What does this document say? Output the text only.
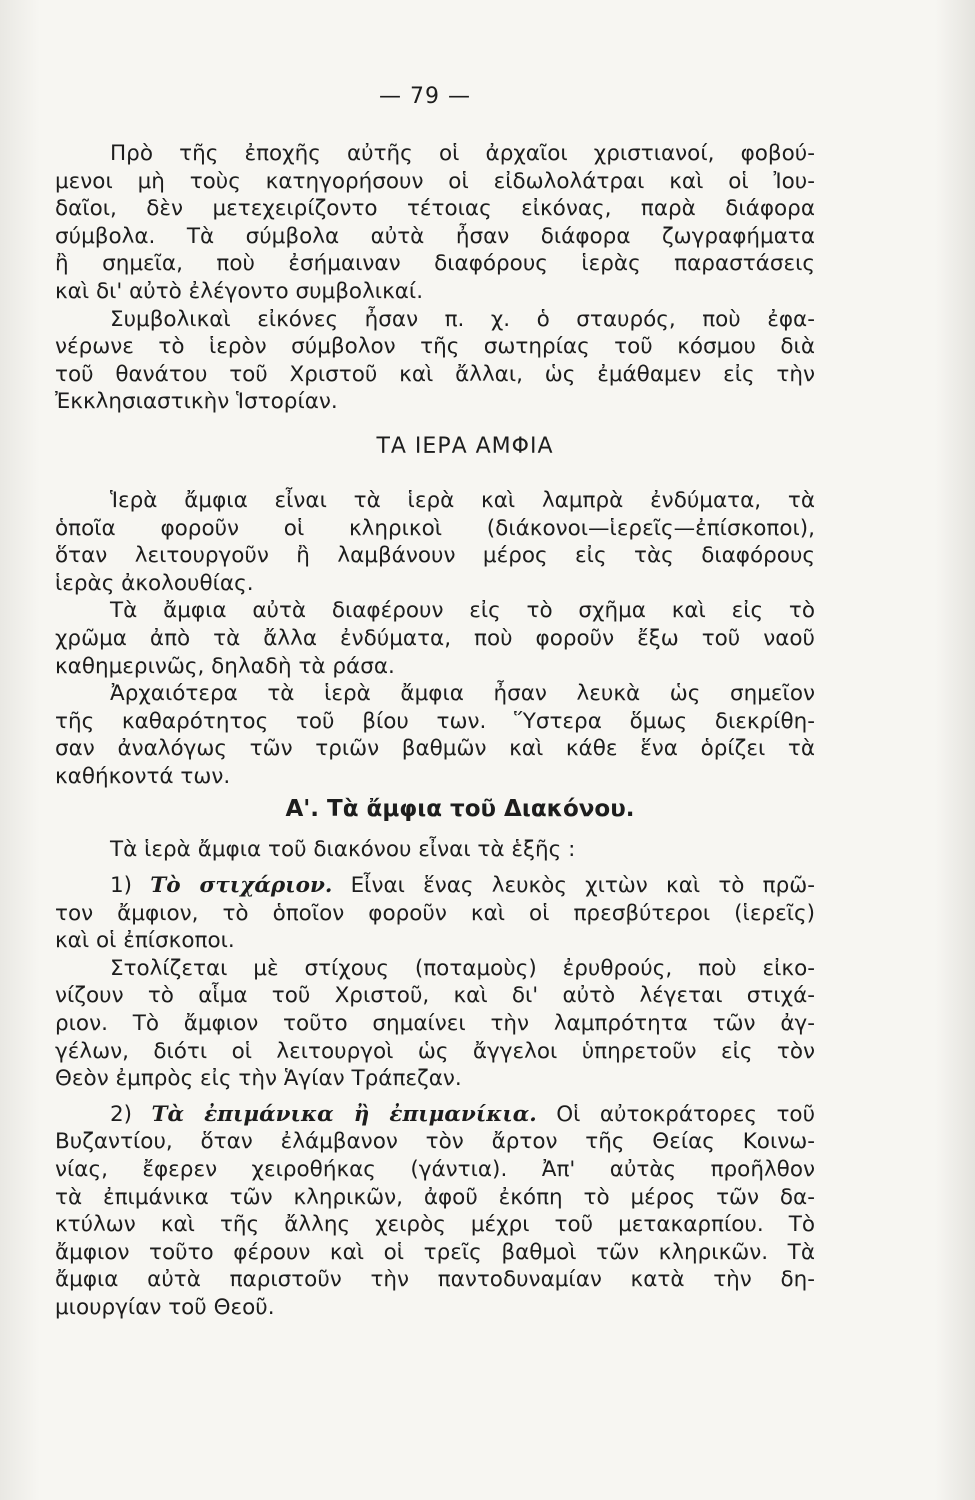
— 79 —
Πρὸ τῆς ἐποχῆς αὐτῆς οἱ ἀρχαῖοι χριστιανοί, φοβού-
μενοι μὴ τοὺς κατηγορήσουν οἱ εἰδωλολάτραι καὶ οἱ Ἰου-
δαῖοι, δὲν μετεχειρίζοντο τέτοιας εἰκόνας, παρὰ διάφορα
σύμβολα. Τὰ σύμβολα αὐτὰ ἦσαν διάφορα ζωγραφήματα
ἢ σημεῖα, ποὺ ἐσήμαιναν διαφόρους ἱερὰς παραστάσεις
καὶ δι' αὐτὸ ἐλέγοντο συμβολικαί.
Συμβολικαὶ εἰκόνες ἦσαν π. χ. ὁ σταυρός, ποὺ ἐφα-
νέρωνε τὸ ἱερὸν σύμβολον τῆς σωτηρίας τοῦ κόσμου διὰ
τοῦ θανάτου τοῦ Χριστοῦ καὶ ἄλλαι, ὡς ἐμάθαμεν εἰς τὴν
Ἐκκλησιαστικὴν Ἱστορίαν.
ΤΑ ΙΕΡΑ ΑΜΦΙΑ
Ἱερὰ ἄμφια εἶναι τὰ ἱερὰ καὶ λαμπρὰ ἐνδύματα, τὰ
ὁποῖα φοροῦν οἱ κληρικοὶ (διάκονοι—ἱερεῖς—ἐπίσκοποι),
ὅταν λειτουργοῦν ἢ λαμβάνουν μέρος εἰς τὰς διαφόρους
ἱερὰς ἀκολουθίας.
Τὰ ἄμφια αὐτὰ διαφέρουν εἰς τὸ σχῆμα καὶ εἰς τὸ
χρῶμα ἀπὸ τὰ ἄλλα ἐνδύματα, ποὺ φοροῦν ἔξω τοῦ ναοῦ
καθημερινῶς, δηλαδὴ τὰ ράσα.
Ἀρχαιότερα τὰ ἱερὰ ἄμφια ἦσαν λευκὰ ὡς σημεῖον
τῆς καθαρότητος τοῦ βίου των. Ὕστερα ὅμως διεκρίθη-
σαν ἀναλόγως τῶν τριῶν βαθμῶν καὶ κάθε ἕνα ὁρίζει τὰ
καθήκοντά των.
Α'. Τὰ ἄμφια τοῦ Διακόνου.
Τὰ ἱερὰ ἄμφια τοῦ διακόνου εἶναι τὰ ἑξῆς :
1) Τὸ στιχάριον. Εἶναι ἕνας λευκὸς χιτὼν καὶ τὸ πρῶ-
τον ἄμφιον, τὸ ὁποῖον φοροῦν καὶ οἱ πρεσβύτεροι (ἱερεῖς)
καὶ οἱ ἐπίσκοποι.
Στολίζεται μὲ στίχους (ποταμοὺς) ἐρυθρούς, ποὺ εἰκο-
νίζουν τὸ αἷμα τοῦ Χριστοῦ, καὶ δι' αὐτὸ λέγεται στιχά-
ριον. Τὸ ἄμφιον τοῦτο σημαίνει τὴν λαμπρότητα τῶν ἀγ-
γέλων, διότι οἱ λειτουργοὶ ὡς ἄγγελοι ὑπηρετοῦν εἰς τὸν
Θεὸν ἐμπρὸς εἰς τὴν Ἁγίαν Τράπεζαν.
2) Τὰ ἐπιμάνικα ἢ ἐπιμανίκια. Οἱ αὐτοκράτορες τοῦ
Βυζαντίου, ὅταν ἐλάμβανον τὸν ἄρτον τῆς Θείας Κοινω-
νίας, ἔφερεν χειροθήκας (γάντια). Ἀπ' αὐτὰς προῆλθον
τὰ ἐπιμάνικα τῶν κληρικῶν, ἀφοῦ ἐκόπη τὸ μέρος τῶν δα-
κτύλων καὶ τῆς ἄλλης χειρὸς μέχρι τοῦ μετακαρπίου. Τὸ
ἄμφιον τοῦτο φέρουν καὶ οἱ τρεῖς βαθμοὶ τῶν κληρικῶν. Τὰ
ἄμφια αὐτὰ παριστοῦν τὴν παντοδυναμίαν κατὰ τὴν δη-
μιουργίαν τοῦ Θεοῦ.
